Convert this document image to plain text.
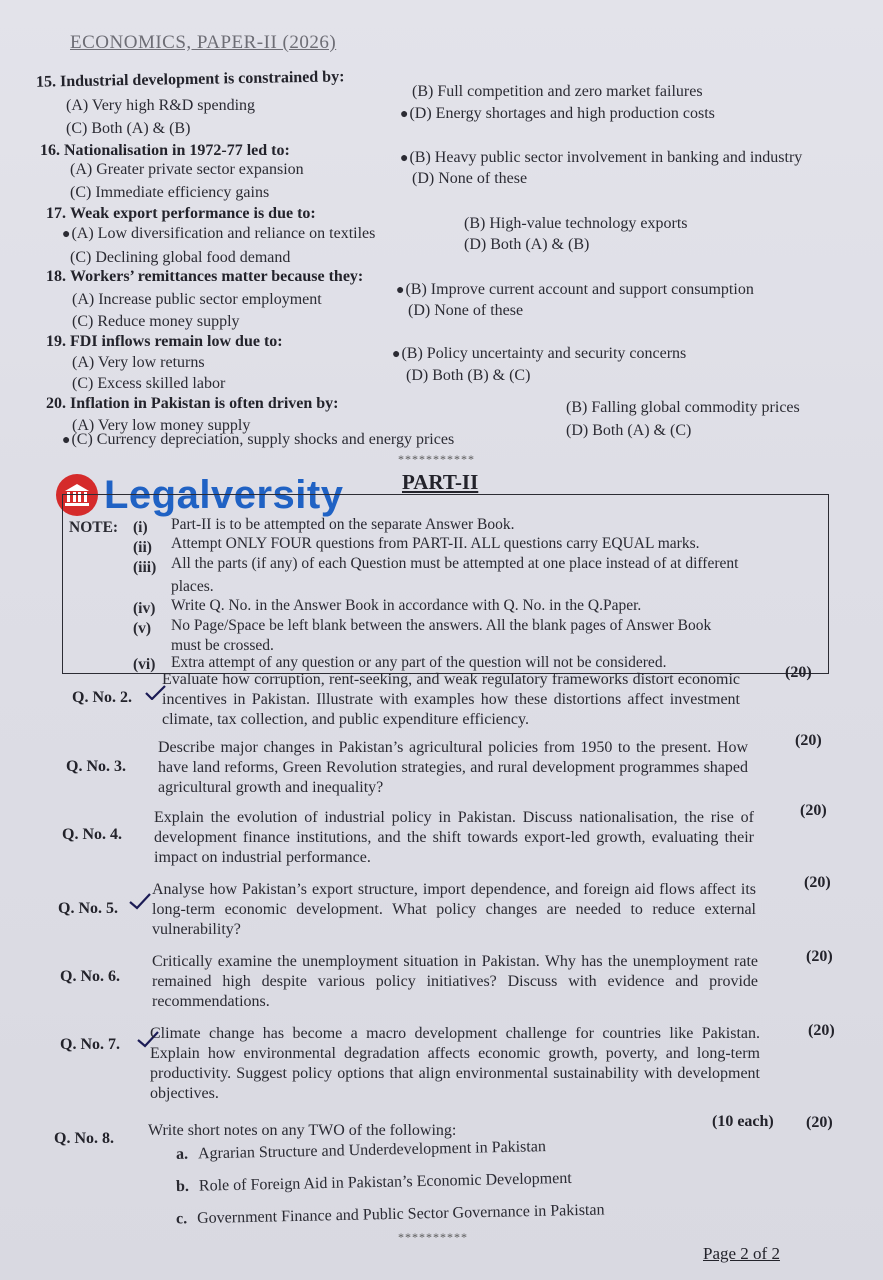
ECONOMICS, PAPER-II (2026)
15. Industrial development is constrained by:
(A) Very high R&D spending
(B) Full competition and zero market failures
(C) Both (A) & (B)
●(D) Energy shortages and high production costs
16. Nationalisation in 1972-77 led to:
(A) Greater private sector expansion
●(B) Heavy public sector involvement in banking and industry
(C) Immediate efficiency gains
(D) None of these
17. Weak export performance is due to:
●(A) Low diversification and reliance on textiles
(B) High-value technology exports
(C) Declining global food demand
(D) Both (A) & (B)
18. Workers’ remittances matter because they:
(A) Increase public sector employment
●(B) Improve current account and support consumption
(C) Reduce money supply
(D) None of these
19. FDI inflows remain low due to:
(A) Very low returns	●(B) Policy uncertainty and security concerns
(C) Excess skilled labor	(D) Both (B) & (C)
20. Inflation in Pakistan is often driven by:
(A) Very low money supply
(B) Falling global commodity prices
●(C) Currency depreciation, supply shocks and energy prices
(D) Both (A) & (C)
***********
Legalversity	PART-II
NOTE: (i) Part-II is to be attempted on the separate Answer Book.
(ii) Attempt ONLY FOUR questions from PART-II. ALL questions carry EQUAL marks.
(iii) All the parts (if any) of each Question must be attempted at one place instead of at different
places.
(iv) Write Q. No. in the Answer Book in accordance with Q. No. in the Q.Paper.
(v) No Page/Space be left blank between the answers. All the blank pages of Answer Book
must be crossed.
(vi) Extra attempt of any question or any part of the question will not be considered.
Q. No. 2.
Evaluate how corruption, rent-seeking, and weak regulatory frameworks distort economic incentives in Pakistan. Illustrate with examples how these distortions affect investment climate, tax collection, and public expenditure efficiency.
(20)
Q. No. 3.
Describe major changes in Pakistan’s agricultural policies from 1950 to the present. How have land reforms, Green Revolution strategies, and rural development programmes shaped agricultural growth and inequality?
(20)
Q. No. 4.
Explain the evolution of industrial policy in Pakistan. Discuss nationalisation, the rise of development finance institutions, and the shift towards export-led growth, evaluating their impact on industrial performance.
(20)
Q. No. 5.
Analyse how Pakistan’s export structure, import dependence, and foreign aid flows affect its long-term economic development. What policy changes are needed to reduce external vulnerability?
(20)
Q. No. 6.
Critically examine the unemployment situation in Pakistan. Why has the unemployment rate remained high despite various policy initiatives? Discuss with evidence and provide recommendations.
(20)
Q. No. 7.
Climate change has become a macro development challenge for countries like Pakistan. Explain how environmental degradation affects economic growth, poverty, and long-term productivity. Suggest policy options that align environmental sustainability with development objectives.
(20)
Q. No. 8. Write short notes on any TWO of the following:
(10 each) (20)
a. Agrarian Structure and Underdevelopment in Pakistan
b. Role of Foreign Aid in Pakistan’s Economic Development
c. Government Finance and Public Sector Governance in Pakistan
**********
Page 2 of 2
